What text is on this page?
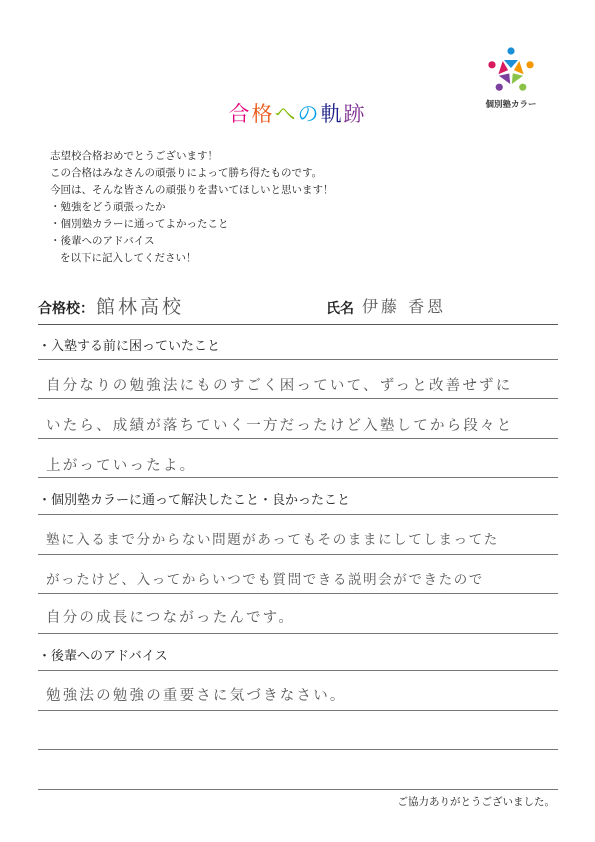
個別塾カラー
合格への軌跡
志望校合格おめでとうございます！
この合格はみなさんの頑張りによって勝ち得たものです。
今回は、そんな皆さんの頑張りを書いてほしいと思います！
・勉強をどう頑張ったか
・個別塾カラーに通ってよかったこと
・後輩へのアドバイス
を以下に記入してください！
合格校： 館林高校	氏名 伊藤 香恩
・入塾する前に困っていたこと
自分なりの勉強法にものすごく困っていて、ずっと改善せずに
いたら、成績が落ちていく一方だったけど入塾してから段々と
上がっていったよ。
・個別塾カラーに通って解決したこと・良かったこと
塾に入るまで分からない問題があってもそのままにしてしまってた
がったけど、入ってからいつでも質問できる説明会ができたので
自分の成長につながったんです。
・後輩へのアドバイス
勉強法の勉強の重要さに気づきなさい。
ご協力ありがとうございました。
